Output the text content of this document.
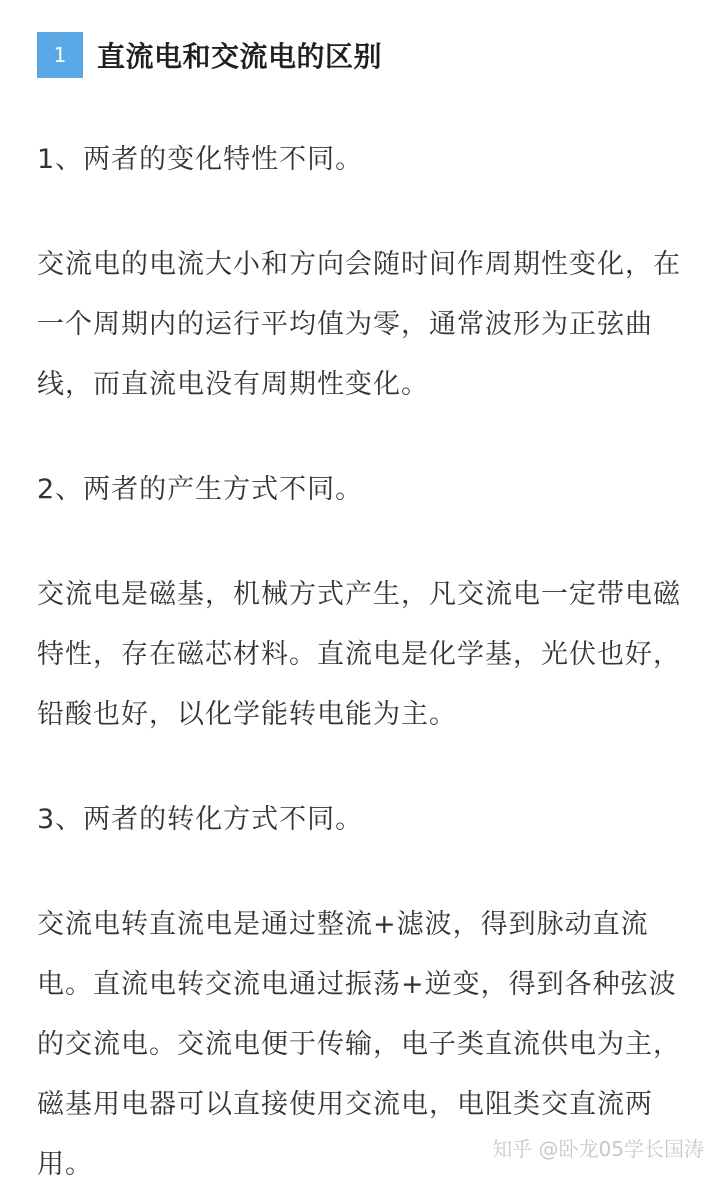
1	直流电和交流电的区别

1、两者的变化特性不同。

交流电的电流大小和方向会随时间作周期性变化，在一个周期内的运行平均值为零，通常波形为正弦曲线，而直流电没有周期性变化。

2、两者的产生方式不同。

交流电是磁基，机械方式产生，凡交流电一定带电磁特性，存在磁芯材料。直流电是化学基，光伏也好，铅酸也好，以化学能转电能为主。

3、两者的转化方式不同。

交流电转直流电是通过整流+滤波，得到脉动直流电。直流电转交流电通过振荡+逆变，得到各种弦波的交流电。交流电便于传输，电子类直流供电为主，磁基用电器可以直接使用交流电，电阻类交直流两用。	知乎 @卧龙05学长国涛
